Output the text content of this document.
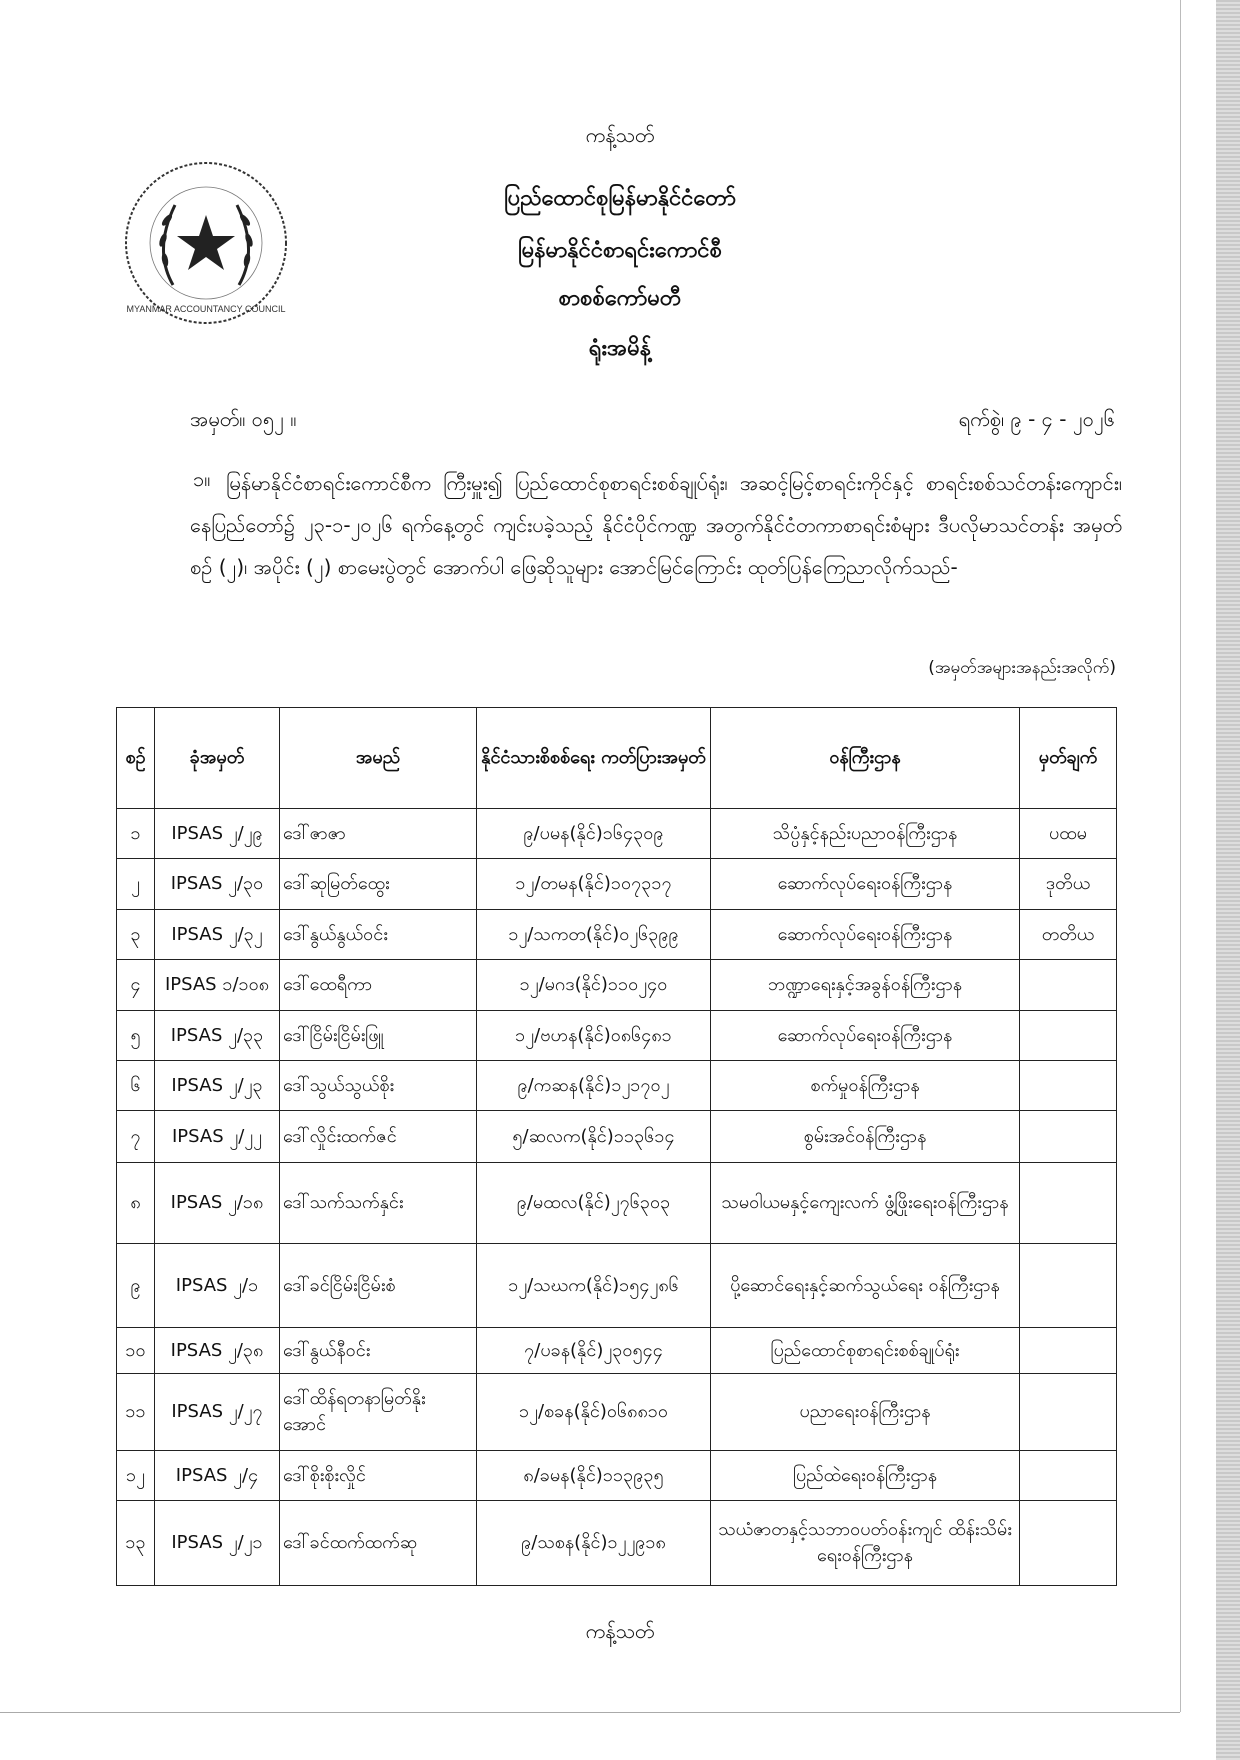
ကန့်သတ်
MYANMAR ACCOUNTANCY COUNCIL
ပြည်ထောင်စုမြန်မာနိုင်ငံတော်
မြန်မာနိုင်ငံစာရင်းကောင်စီ
စာစစ်ကော်မတီ
ရုံးအမိန့်
အမှတ်။ ၀၅၂ ။	ရက်စွဲ၊ ၉ - ၄ - ၂၀၂၆
၁။ မြန်မာနိုင်ငံစာရင်းကောင်စီက ကြီးမှူး၍ ပြည်ထောင်စုစာရင်းစစ်ချုပ်ရုံး၊ အဆင့်မြင့်စာရင်းကိုင်နှင့် စာရင်းစစ်သင်တန်းကျောင်း၊ နေပြည်တော်၌ ၂၃-၁-၂၀၂၆ ရက်နေ့တွင် ကျင်းပခဲ့သည့် နိုင်ငံပိုင်ကဏ္ဍ အတွက်နိုင်ငံတကာစာရင်းစံများ ဒီပလိုမာသင်တန်း အမှတ်စဉ် (၂)၊ အပိုင်း (၂) စာမေးပွဲတွင် အောက်ပါ ဖြေဆိုသူများ အောင်မြင်ကြောင်း ထုတ်ပြန်ကြေညာလိုက်သည်-
(အမှတ်အများအနည်းအလိုက်)
စဉ်	ခုံအမှတ်	အမည်	နိုင်ငံသားစိစစ်ရေး ကတ်ပြားအမှတ်	ဝန်ကြီးဌာန	မှတ်ချက်
၁	IPSAS ၂/၂၉	ဒေါ်ဇာဇာ	၉/ပမန(နိုင်)၁၆၄၃၀၉	သိပ္ပံနှင့်နည်းပညာဝန်ကြီးဌာန	ပထမ
၂	IPSAS ၂/၃၀	ဒေါ်ဆုမြတ်ထွေး	၁၂/တမန(နိုင်)၁၀၇၃၁၇	ဆောက်လုပ်ရေးဝန်ကြီးဌာန	ဒုတိယ
၃	IPSAS ၂/၃၂	ဒေါ်နွယ်နွယ်ဝင်း	၁၂/သကတ(နိုင်)၀၂၆၃၉၉	ဆောက်လုပ်ရေးဝန်ကြီးဌာန	တတိယ
၄	IPSAS ၁/၁၀၈	ဒေါ်ထေရီကာ	၁၂/မဂဒ(နိုင်)၁၁၀၂၄၀	ဘဏ္ဍာရေးနှင့်အခွန်ဝန်ကြီးဌာန	
၅	IPSAS ၂/၃၃	ဒေါ်ငြိမ်းငြိမ်းဖြူ	၁၂/ဗဟန(နိုင်)၀၈၆၄၈၁	ဆောက်လုပ်ရေးဝန်ကြီးဌာန	
၆	IPSAS ၂/၂၃	ဒေါ်သွယ်သွယ်စိုး	၉/ကဆန(နိုင်)၁၂၁၇၀၂	စက်မှုဝန်ကြီးဌာန	
၇	IPSAS ၂/၂၂	ဒေါ်လှိုင်းထက်ဇင်	၅/ဆလက(နိုင်)၁၁၃၆၁၄	စွမ်းအင်ဝန်ကြီးဌာန	
၈	IPSAS ၂/၁၈	ဒေါ်သက်သက်နှင်း	၉/မထလ(နိုင်)၂၇၆၃၀၃	သမဝါယမနှင့်ကျေးလက် ဖွံ့ဖြိုးရေးဝန်ကြီးဌာန	
၉	IPSAS ၂/၁	ဒေါ်ခင်ငြိမ်းငြိမ်းစံ	၁၂/သဃက(နိုင်)၁၅၄၂၈၆	ပို့ဆောင်ရေးနှင့်ဆက်သွယ်ရေး ဝန်ကြီးဌာန	
၁၀	IPSAS ၂/၃၈	ဒေါ်နွယ်နီဝင်း	၇/ပခန(နိုင်)၂၃၀၅၄၄	ပြည်ထောင်စုစာရင်းစစ်ချုပ်ရုံး	
၁၁	IPSAS ၂/၂၇	ဒေါ်ထိန်ရတနာမြတ်နိုး အောင်	၁၂/စခန(နိုင်)၀၆၈၈၁၀	ပညာရေးဝန်ကြီးဌာန	
၁၂	IPSAS ၂/၄	ဒေါ်စိုးစိုးလှိုင်	၈/ခမန(နိုင်)၁၁၃၉၃၅	ပြည်ထဲရေးဝန်ကြီးဌာန	
၁၃	IPSAS ၂/၂၁	ဒေါ်ခင်ထက်ထက်ဆု	၉/သစန(နိုင်)၁၂၂၉၁၈	သယံဇာတနှင့်သဘာဝပတ်ဝန်းကျင် ထိန်းသိမ်းရေးဝန်ကြီးဌာန	
ကန့်သတ်
